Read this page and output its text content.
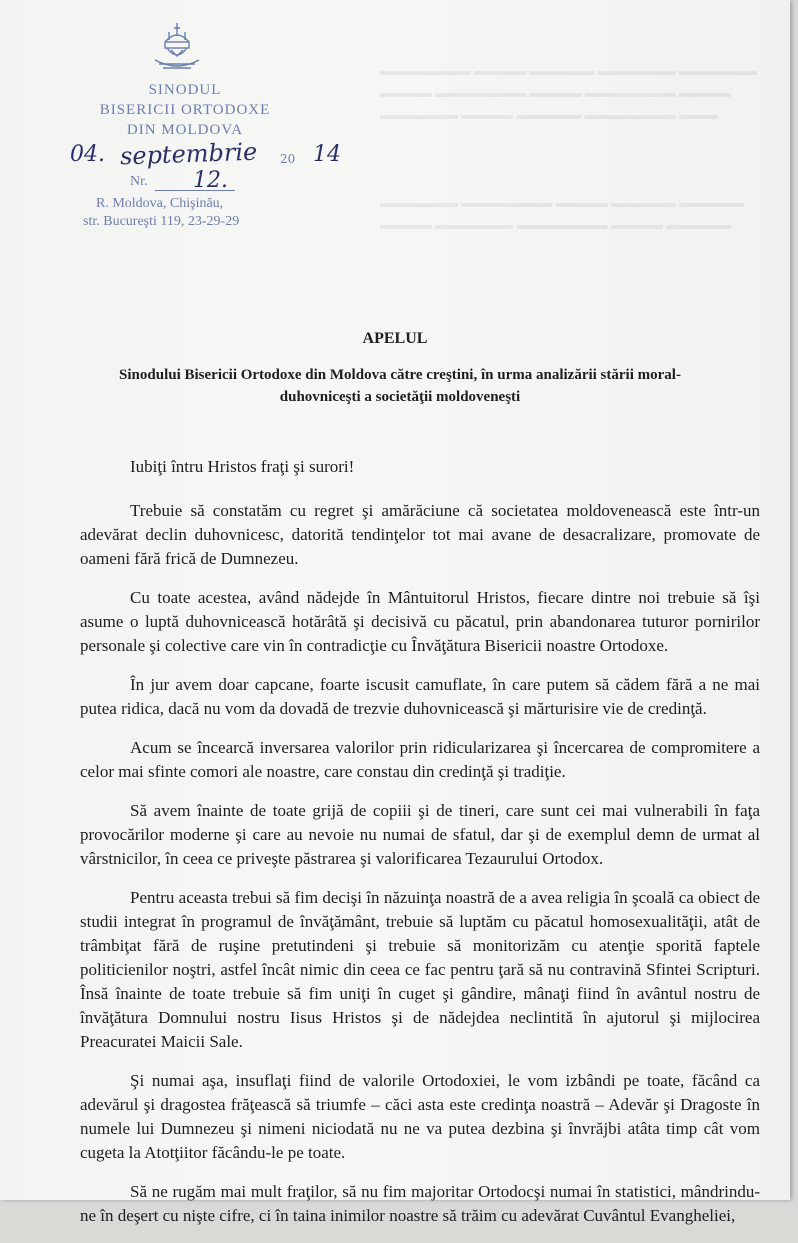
▬▬▬▬▬▬▬ ▬▬▬▬ ▬▬▬▬▬ ▬▬▬▬▬▬ ▬▬▬▬▬▬
▬▬▬▬ ▬▬▬▬▬▬▬ ▬▬▬▬ ▬▬▬▬▬▬▬ ▬▬▬▬
▬▬▬▬▬▬ ▬▬▬▬ ▬▬▬▬▬ ▬▬▬▬▬▬▬ ▬▬▬

▬▬▬▬▬▬ ▬▬▬▬▬▬▬ ▬▬▬▬ ▬▬▬▬▬ ▬▬▬▬▬
▬▬▬▬ ▬▬▬▬▬▬ ▬▬▬▬▬▬▬ ▬▬▬▬ ▬▬▬▬▬
SINODUL
BISERICII ORTODOXE
DIN MOLDOVA
04. septembrie 20 14
Nr. 12.
R. Moldova, Chişinău,
str. Bucureşti 119, 23-29-29
APELUL
Sinodului Bisericii Ortodoxe din Moldova către creştini, în urma analizării stării moral-duhovniceşti a societăţii moldoveneşti

Iubiţi întru Hristos fraţi şi surori!

Trebuie să constatăm cu regret şi amărăciune că societatea moldovenească este într-un adevărat declin duhovnicesc, datorită tendinţelor tot mai avane de desacralizare, promovate de oameni fără frică de Dumnezeu.

Cu toate acestea, având nădejde în Mântuitorul Hristos, fiecare dintre noi trebuie să îşi asume o luptă duhovnicească hotărâtă şi decisivă cu păcatul, prin abandonarea tuturor pornirilor personale şi colective care vin în contradicţie cu Învăţătura Bisericii noastre Ortodoxe.

În jur avem doar capcane, foarte iscusit camuflate, în care putem să cădem fără a ne mai putea ridica, dacă nu vom da dovadă de trezvie duhovnicească şi mărturisire vie de credinţă.

Acum se încearcă inversarea valorilor prin ridicularizarea şi încercarea de compromitere a celor mai sfinte comori ale noastre, care constau din credinţă şi tradiţie.

Să avem înainte de toate grijă de copiii şi de tineri, care sunt cei mai vulnerabili în faţa provocărilor moderne şi care au nevoie nu numai de sfatul, dar şi de exemplul demn de urmat al vârstnicilor, în ceea ce priveşte păstrarea şi valorificarea Tezaurului Ortodox.

Pentru aceasta trebui să fim decişi în năzuinţa noastră de a avea religia în şcoală ca obiect de studii integrat în programul de învăţământ, trebuie să luptăm cu păcatul homosexualităţii, atât de trâmbiţat fără de ruşine pretutindeni şi trebuie să monitorizăm cu atenţie sporită faptele politicienilor noştri, astfel încât nimic din ceea ce fac pentru ţară să nu contravină Sfintei Scripturi. Însă înainte de toate trebuie să fim uniţi în cuget şi gândire, mânaţi fiind în avântul nostru de învăţătura Domnului nostru Iisus Hristos şi de nădejdea neclintită în ajutorul şi mijlocirea Preacuratei Maicii Sale.

Şi numai aşa, insuflaţi fiind de valorile Ortodoxiei, le vom izbândi pe toate, făcând ca adevărul şi dragostea frăţească să triumfe – căci asta este credinţa noastră – Adevăr şi Dragoste în numele lui Dumnezeu şi nimeni niciodată nu ne va putea dezbina şi învrăjbi atâta timp cât vom cugeta la Atotţiitor făcându-le pe toate.

Să ne rugăm mai mult fraţilor, să nu fim majoritar Ortodocşi numai în statistici, mândrindu-ne în deşert cu nişte cifre, ci în taina inimilor noastre să trăim cu adevărat Cuvântul Evangheliei,
